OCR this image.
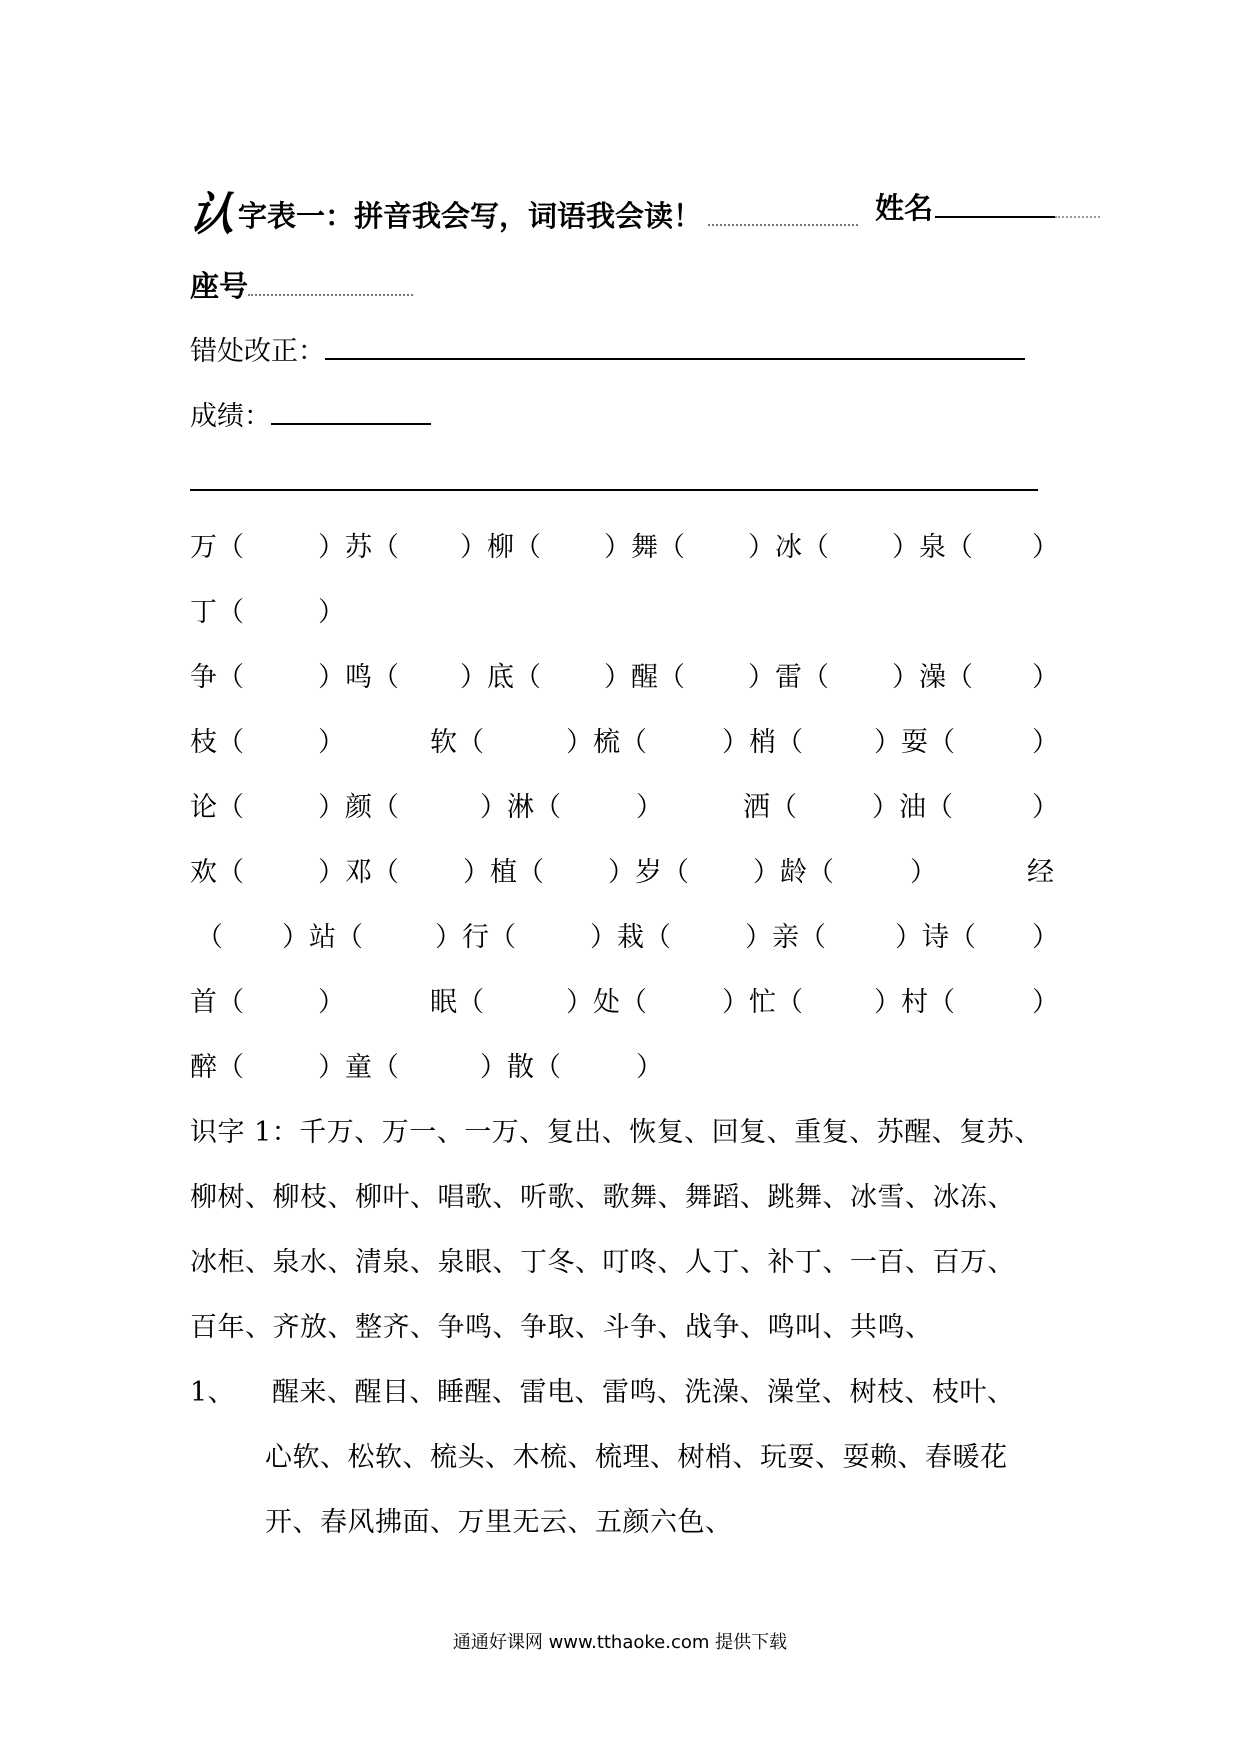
认字表一：拼音我会写，词语我会读！	姓名
座号
错处改正：
成绩：
万（	）苏（ ）柳（ ）舞（ ）冰（ ）泉（ ）
丁（	）
争（	）鸣（ ）底（ ）醒（ ）雷（ ）澡（ ）
枝（	）	软（	）梳（	）梢（	）耍（	）
论（	）颜（	）淋（	）	洒（	）油（	）
欢（	）邓（ ）植（ ）岁（ ）龄（	）	经
（ ）站（	）行（	）栽（	）亲（	）诗（ ）
首（	）	眠（	）处（	）忙（	）村（	）
醉（	）童（	）散（	）
识字 1：千万、万一、一万、复出、恢复、回复、重复、苏醒、复苏、
柳树、柳枝、柳叶、唱歌、听歌、歌舞、舞蹈、跳舞、冰雪、冰冻、
冰柜、泉水、清泉、泉眼、丁冬、叮咚、人丁、补丁、一百、百万、
百年、齐放、整齐、争鸣、争取、斗争、战争、鸣叫、共鸣、
1、 醒来、醒目、睡醒、雷电、雷鸣、洗澡、澡堂、树枝、枝叶、
心软、松软、梳头、木梳、梳理、树梢、玩耍、耍赖、春暖花
开、春风拂面、万里无云、五颜六色、
通通好课网 www.tthaoke.com 提供下载
